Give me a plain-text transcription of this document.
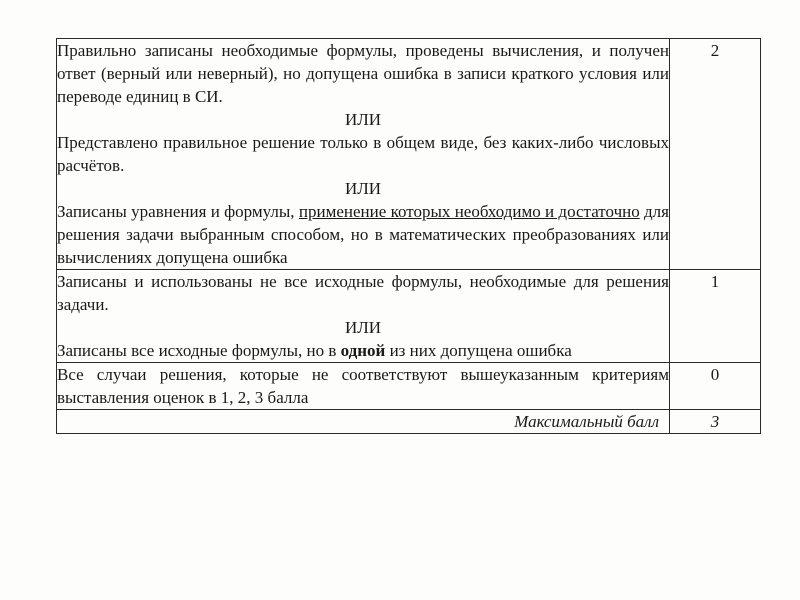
Правильно записаны необходимые формулы, проведены вычисления, и получен ответ (верный или неверный), но допущена ошибка в записи краткого условия или переводе единиц в СИ.

ИЛИ

Представлено правильное решение только в общем виде, без каких-либо числовых расчётов.

ИЛИ

Записаны уравнения и формулы, применение которых необходимо и достаточно для решения задачи выбранным способом, но в математических преобразованиях или вычислениях допущена ошибка	2

Записаны и использованы не все исходные формулы, необходимые для решения задачи.

ИЛИ

Записаны все исходные формулы, но в одной из них допущена ошибка	1

Все случаи решения, которые не соответствуют вышеуказанным критериям выставления оценок в 1, 2, 3 балла	0
Максимальный балл	3
